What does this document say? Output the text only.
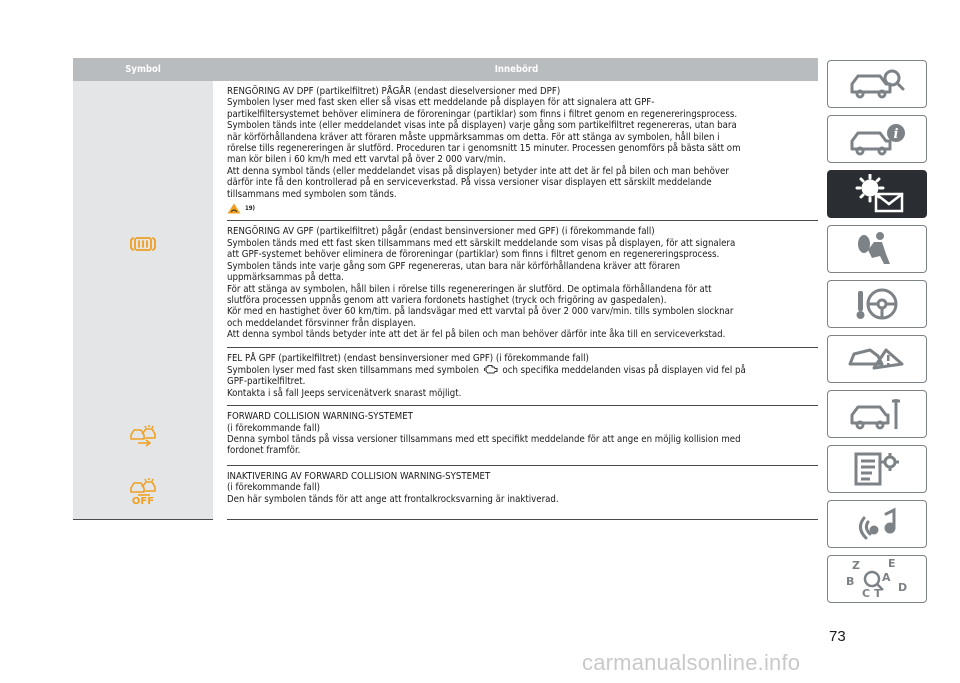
Symbol	Innebörd

RENGÖRING AV DPF (partikelfiltret) PÅGÅR (endast dieselversioner med DPF)

Symbolen lyser med fast sken eller så visas ett meddelande på displayen för att signalera att GPF-

partikelfiltersystemet behöver eliminera de föroreningar (partiklar) som finns i filtret genom en regenereringsprocess.

Symbolen tänds inte (eller meddelandet visas inte på displayen) varje gång som partikelfiltret regenereras, utan bara

när körförhållandena kräver att föraren måste uppmärksammas om detta. För att stänga av symbolen, håll bilen i

rörelse tills regenereringen är slutförd. Proceduren tar i genomsnitt 15 minuter. Processen genomförs på bästa sätt om

man kör bilen i 60 km/h med ett varvtal på över 2 000 varv/min.

Att denna symbol tänds (eller meddelandet visas på displayen) betyder inte att det är fel på bilen och man behöver

därför inte få den kontrollerad på en serviceverkstad. På vissa versioner visar displayen ett särskilt meddelande

tillsammans med symbolen som tänds.

19)

RENGÖRING AV GPF (partikelfiltret) pågår (endast bensinversioner med GPF) (i förekommande fall)

Symbolen tänds med ett fast sken tillsammans med ett särskilt meddelande som visas på displayen, för att signalera

att GPF-systemet behöver eliminera de föroreningar (partiklar) som finns i filtret genom en regenereringsprocess.

Symbolen tänds inte varje gång som GPF regenereras, utan bara när körförhållandena kräver att föraren

uppmärksammas på detta.

För att stänga av symbolen, håll bilen i rörelse tills regenereringen är slutförd. De optimala förhållandena för att

slutföra processen uppnås genom att variera fordonets hastighet (tryck och frigöring av gaspedalen).

Kör med en hastighet över 60 km/tim. på landsvägar med ett varvtal på över 2 000 varv/min. tills symbolen slocknar

och meddelandet försvinner från displayen.

Att denna symbol tänds betyder inte att det är fel på bilen och man behöver därför inte åka till en serviceverkstad.

FEL PÅ GPF (partikelfiltret) (endast bensinversioner med GPF) (i förekommande fall)

Symbolen lyser med fast sken tillsammans med symbolen och specifika meddelanden visas på displayen vid fel på

GPF-partikelfiltret.

Kontakta i så fall Jeeps servicenätverk snarast möjligt.

FORWARD COLLISION WARNING-SYSTEMET

(i förekommande fall)

Denna symbol tänds på vissa versioner tillsammans med ett specifikt meddelande för att ange en möjlig kollision med

fordonet framför.

OFF

INAKTIVERING AV FORWARD COLLISION WARNING-SYSTEMET

(i förekommande fall)

Den här symbolen tänds för att ange att frontalkrocksvarning är inaktiverad.

i
Z	E
B	A
C T D
73
carmanualsonline.info
